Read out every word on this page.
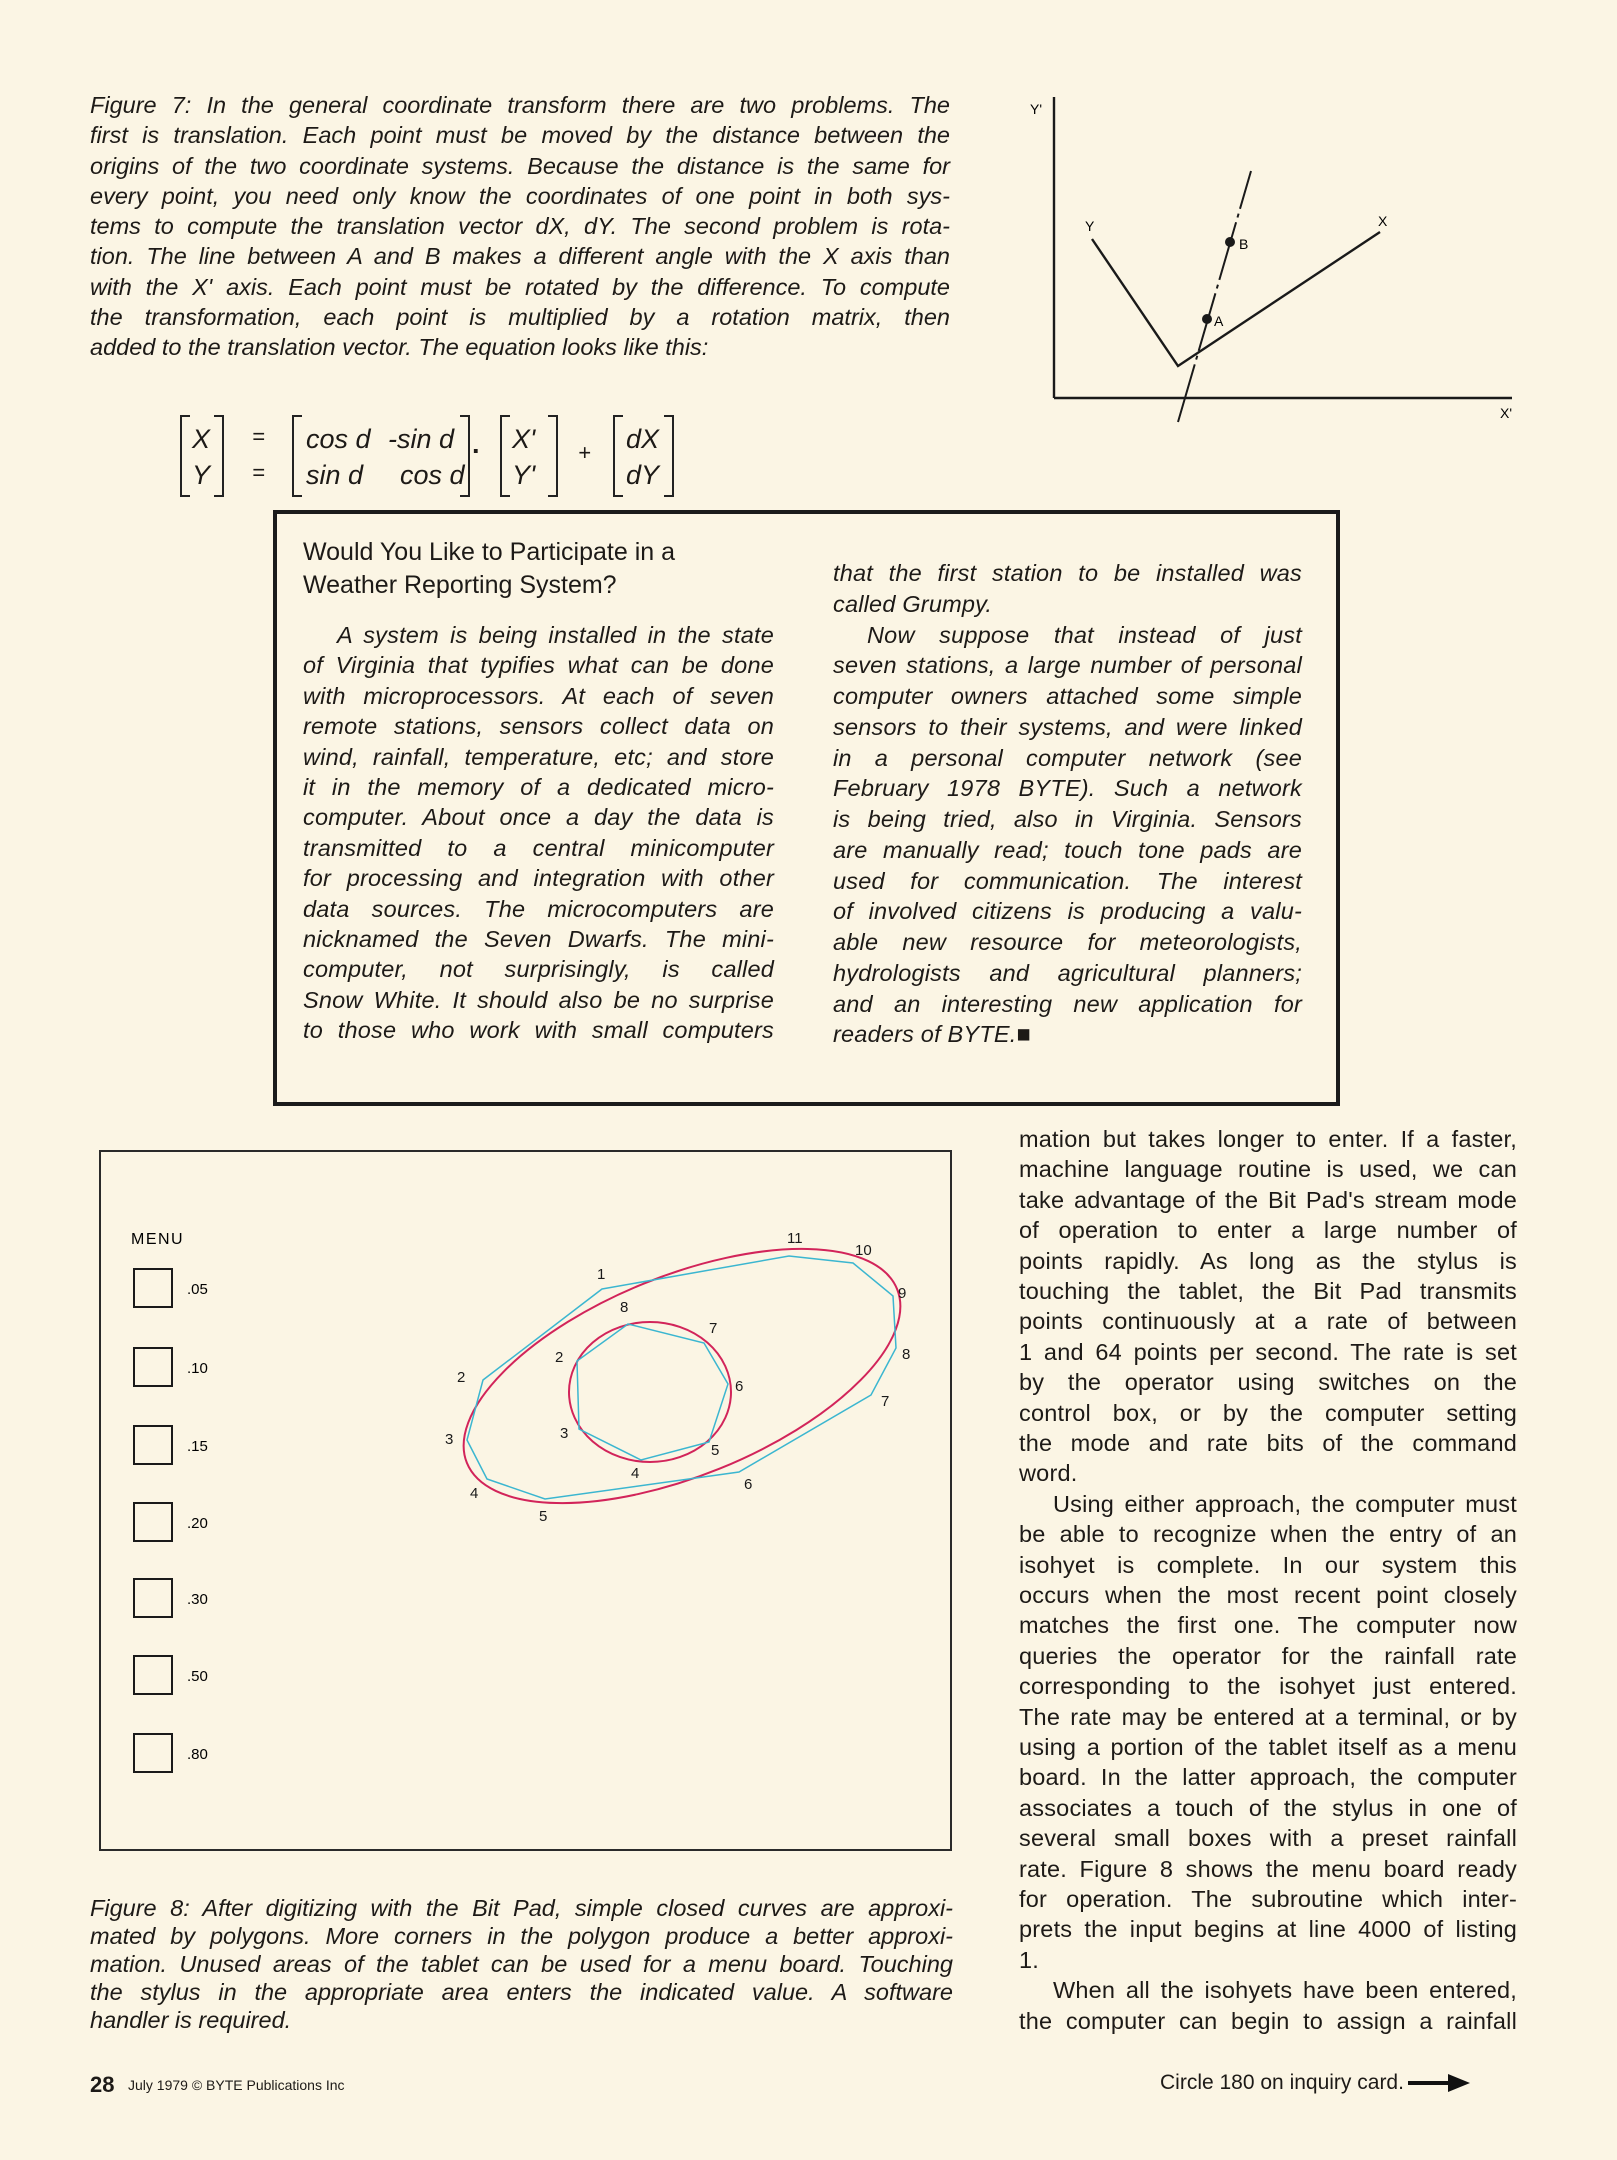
Figure 7: In the general coordinate transform there are two problems. The
first is translation. Each point must be moved by the distance between the
origins of the two coordinate systems. Because the distance is the same for
every point, you need only know the coordinates of one point in both sys-
tems to compute the translation vector dX, dY. The second problem is rota-
tion. The line between A and B makes a different angle with the X axis than
with the X' axis. Each point must be rotated by the difference. To compute
the transformation, each point is multiplied by a rotation matrix, then
added to the translation vector. The equation looks like this:
Y'
X'
Y	X
A
B
X
Y
=
=
cos d -sin d
sin d cos d
· X'
Y'
+ dX
dY
Would You Like to Participate in a
Weather Reporting System?
A system is being installed in the state
of Virginia that typifies what can be done
with microprocessors. At each of seven
remote stations, sensors collect data on
wind, rainfall, temperature, etc; and store
it in the memory of a dedicated micro-
computer. About once a day the data is
transmitted to a central minicomputer
for processing and integration with other
data sources. The microcomputers are
nicknamed the Seven Dwarfs. The mini-
computer, not surprisingly, is called
Snow White. It should also be no surprise
to those who work with small computers
that the first station to be installed was
called Grumpy.
Now suppose that instead of just
seven stations, a large number of personal
computer owners attached some simple
sensors to their systems, and were linked
in a personal computer network (see
February 1978 BYTE). Such a network
is being tried, also in Virginia. Sensors
are manually read; touch tone pads are
used for communication. The interest
of involved citizens is producing a valu-
able new resource for meteorologists,
hydrologists and agricultural planners;
and an interesting new application for
readers of BYTE.■
MENU
.05
.10
.15
.20
.30
.50
.80
1
2
3
4
5
6
7
8
9
10
11
2
3
4
5
6
7
8
Figure 8: After digitizing with the Bit Pad, simple closed curves are approxi-
mated by polygons. More corners in the polygon produce a better approxi-
mation. Unused areas of the tablet can be used for a menu board. Touching
the stylus in the appropriate area enters the indicated value. A software
handler is required.
mation but takes longer to enter. If a faster,
machine language routine is used, we can
take advantage of the Bit Pad's stream mode
of operation to enter a large number of
points rapidly. As long as the stylus is
touching the tablet, the Bit Pad transmits
points continuously at a rate of between
1 and 64 points per second. The rate is set
by the operator using switches on the
control box, or by the computer setting
the mode and rate bits of the command
word.
Using either approach, the computer must
be able to recognize when the entry of an
isohyet is complete. In our system this
occurs when the most recent point closely
matches the first one. The computer now
queries the operator for the rainfall rate
corresponding to the isohyet just entered.
The rate may be entered at a terminal, or by
using a portion of the tablet itself as a menu
board. In the latter approach, the computer
associates a touch of the stylus in one of
several small boxes with a preset rainfall
rate. Figure 8 shows the menu board ready
for operation. The subroutine which inter-
prets the input begins at line 4000 of listing
1.
When all the isohyets have been entered,
the computer can begin to assign a rainfall
28 July 1979 © BYTE Publications Inc	Circle 180 on inquiry card.
